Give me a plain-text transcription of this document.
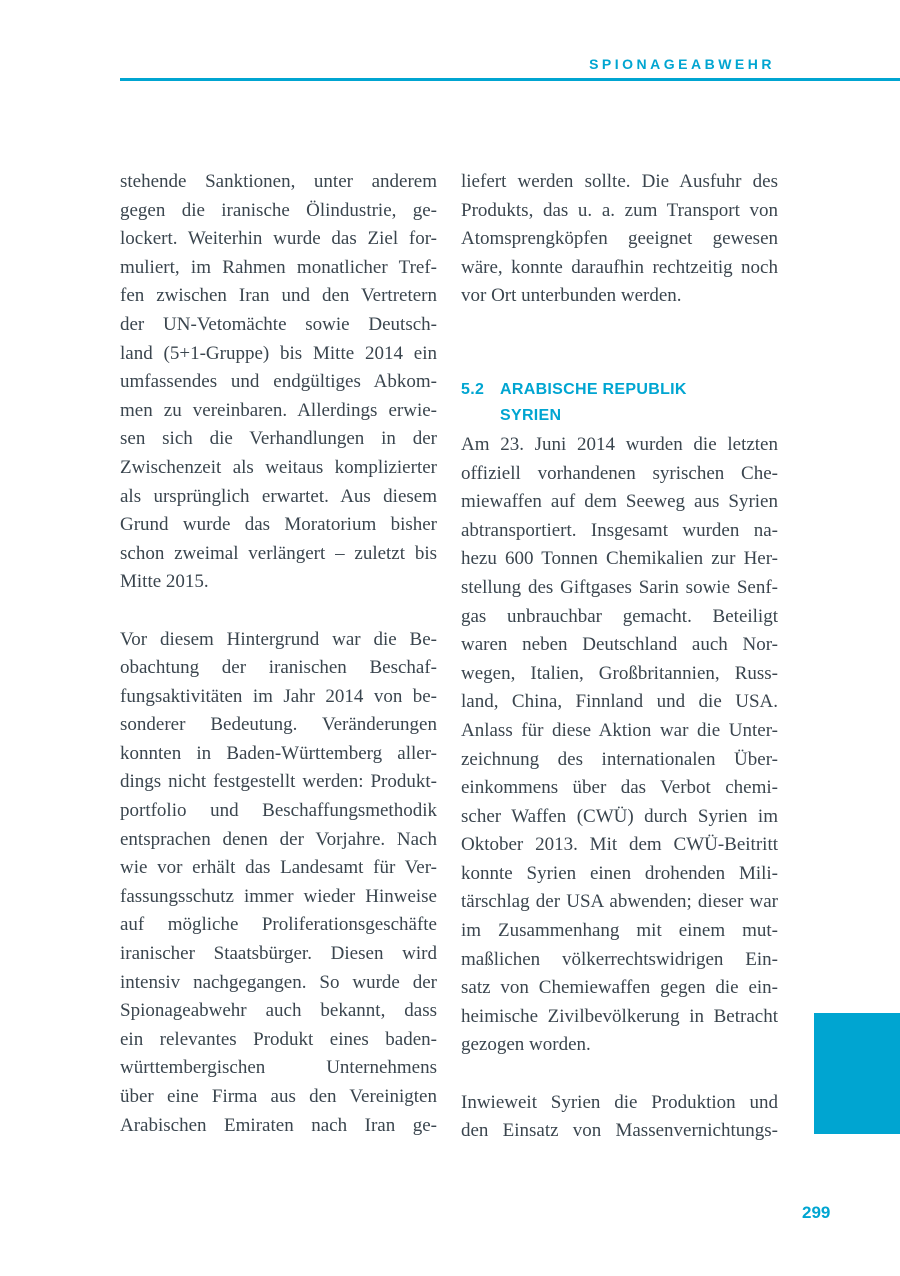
SPIONAGEABWEHR
stehende Sanktionen, unter anderem
gegen die iranische Ölindustrie, ge-
lockert. Weiterhin wurde das Ziel for-
muliert, im Rahmen monatlicher Tref-
fen zwischen Iran und den Vertretern
der UN-Vetomächte sowie Deutsch-
land (5+1-Gruppe) bis Mitte 2014 ein
umfassendes und endgültiges Abkom-
men zu vereinbaren. Allerdings erwie-
sen sich die Verhandlungen in der
Zwischenzeit als weitaus komplizierter
als ursprünglich erwartet. Aus diesem
Grund wurde das Moratorium bisher
schon zweimal verlängert – zuletzt bis
Mitte 2015.
Vor diesem Hintergrund war die Be-
obachtung der iranischen Beschaf-
fungsaktivitäten im Jahr 2014 von be-
sonderer Bedeutung. Veränderungen
konnten in Baden-Württemberg aller-
dings nicht festgestellt werden: Produkt-
portfolio und Beschaffungsmethodik
entsprachen denen der Vorjahre. Nach
wie vor erhält das Landesamt für Ver-
fassungsschutz immer wieder Hinweise
auf mögliche Proliferationsgeschäfte
iranischer Staatsbürger. Diesen wird
intensiv nachgegangen. So wurde der
Spionageabwehr auch bekannt, dass
ein relevantes Produkt eines baden-
württembergischen Unternehmens
über eine Firma aus den Vereinigten
Arabischen Emiraten nach Iran ge-
liefert werden sollte. Die Ausfuhr des
Produkts, das u. a. zum Transport von
Atomsprengköpfen geeignet gewesen
wäre, konnte daraufhin rechtzeitig noch
vor Ort unterbunden werden.
5.2 ARABISCHE REPUBLIK
SYRIEN
Am 23. Juni 2014 wurden die letzten
offiziell vorhandenen syrischen Che-
miewaffen auf dem Seeweg aus Syrien
abtransportiert. Insgesamt wurden na-
hezu 600 Tonnen Chemikalien zur Her-
stellung des Giftgases Sarin sowie Senf-
gas unbrauchbar gemacht. Beteiligt
waren neben Deutschland auch Nor-
wegen, Italien, Großbritannien, Russ-
land, China, Finnland und die USA.
Anlass für diese Aktion war die Unter-
zeichnung des internationalen Über-
einkommens über das Verbot chemi-
scher Waffen (CWÜ) durch Syrien im
Oktober 2013. Mit dem CWÜ-Beitritt
konnte Syrien einen drohenden Mili-
tärschlag der USA abwenden; dieser war
im Zusammenhang mit einem mut-
maßlichen völkerrechtswidrigen Ein-
satz von Chemiewaffen gegen die ein-
heimische Zivilbevölkerung in Betracht
gezogen worden.
Inwieweit Syrien die Produktion und
den Einsatz von Massenvernichtungs-
299
